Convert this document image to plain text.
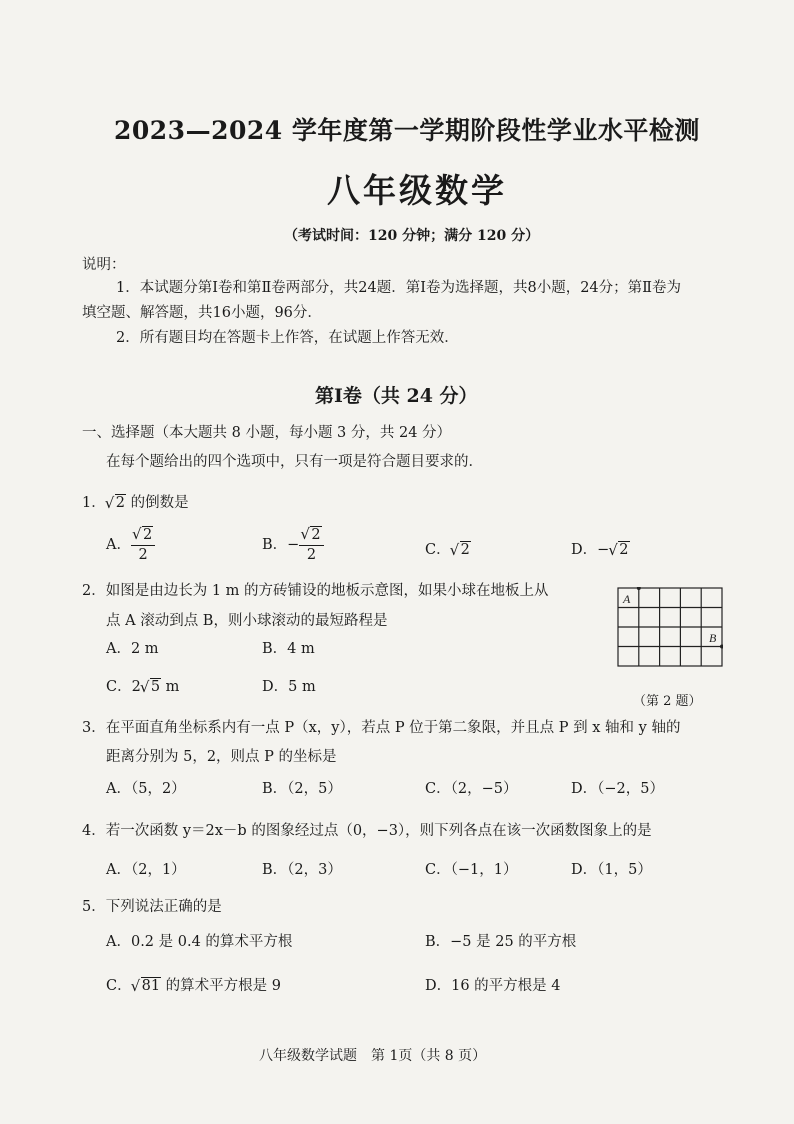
2023—2024 学年度第一学期阶段性学业水平检测
八年级数学
（考试时间：120 分钟；满分 120 分）
说明：
1．本试题分第Ⅰ卷和第Ⅱ卷两部分，共24题．第Ⅰ卷为选择题，共8小题，24分；第Ⅱ卷为
填空题、解答题，共16小题，96分．
2．所有题目均在答题卡上作答，在试题上作答无效．
第Ⅰ卷（共 24 分）
一、选择题（本大题共 8 小题，每小题 3 分，共 24 分）
在每个题给出的四个选项中，只有一项是符合题目要求的．
1． √ 2 的倒数是
A． √ $\frac{2}{2}$	B．− √ $\frac{2}{2}$	C． √ 2	D．− √ 2
2．如图是由边长为 1 m 的方砖铺设的地板示意图，如果小球在地板上从
点 A 滚动到点 B，则小球滚动的最短路程是
A．2 m	B．4 m
C．2 √ 5 m	D．5 m
A
B
（第 2 题）
3．在平面直角坐标系内有一点 P（x，y），若点 P 位于第二象限，并且点 P 到 x 轴和 y 轴的
距离分别为 5，2，则点 P 的坐标是
A．（5，2）	B．（2，5）	C．（2，−5）	D．（−2，5）
4．若一次函数 y＝2x－b 的图象经过点（0，−3），则下列各点在该一次函数图象上的是
A．（2，1）	B．（2，3）	C．（−1，1）	D．（1，5）
5．下列说法正确的是
A．0.2 是 0.4 的算术平方根	B．−5 是 25 的平方根
C． √ 81 的算术平方根是 9	D．16 的平方根是 4
八年级数学试题　第 1页（共 8 页）
